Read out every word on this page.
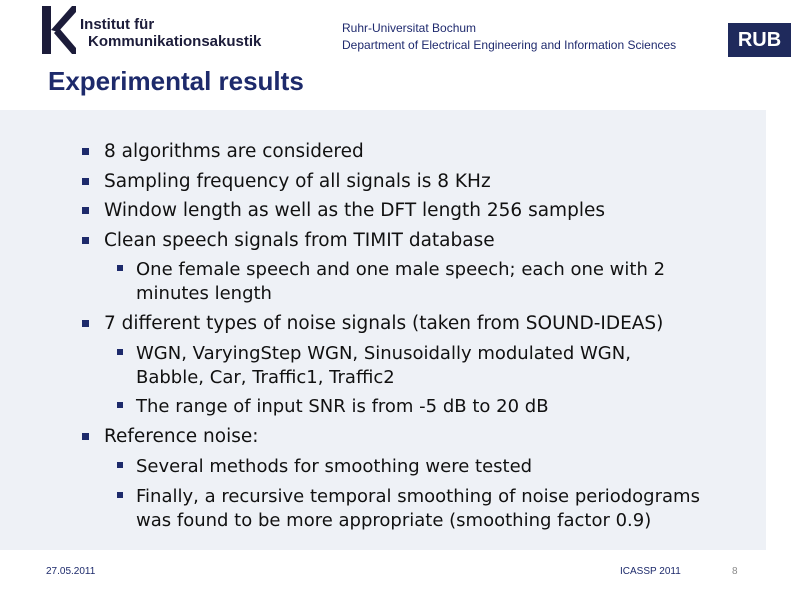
Institut für
Kommunikationsakustik
Ruhr-Universitat Bochum
Department of Electrical Engineering and Information Sciences	RUB
Experimental results
8 algorithms are considered
Sampling frequency of all signals is 8 KHz
Window length as well as the DFT length 256 samples
Clean speech signals from TIMIT database
One female speech and one male speech; each one with 2
minutes length
7 different types of noise signals (taken from SOUND-IDEAS)
WGN, VaryingStep WGN, Sinusoidally modulated WGN,
Babble, Car, Traffic1, Traffic2
The range of input SNR is from -5 dB to 20 dB
Reference noise:
Several methods for smoothing were tested
Finally, a recursive temporal smoothing of noise periodograms
was found to be more appropriate (smoothing factor 0.9)
27.05.2011	ICASSP 2011	8
